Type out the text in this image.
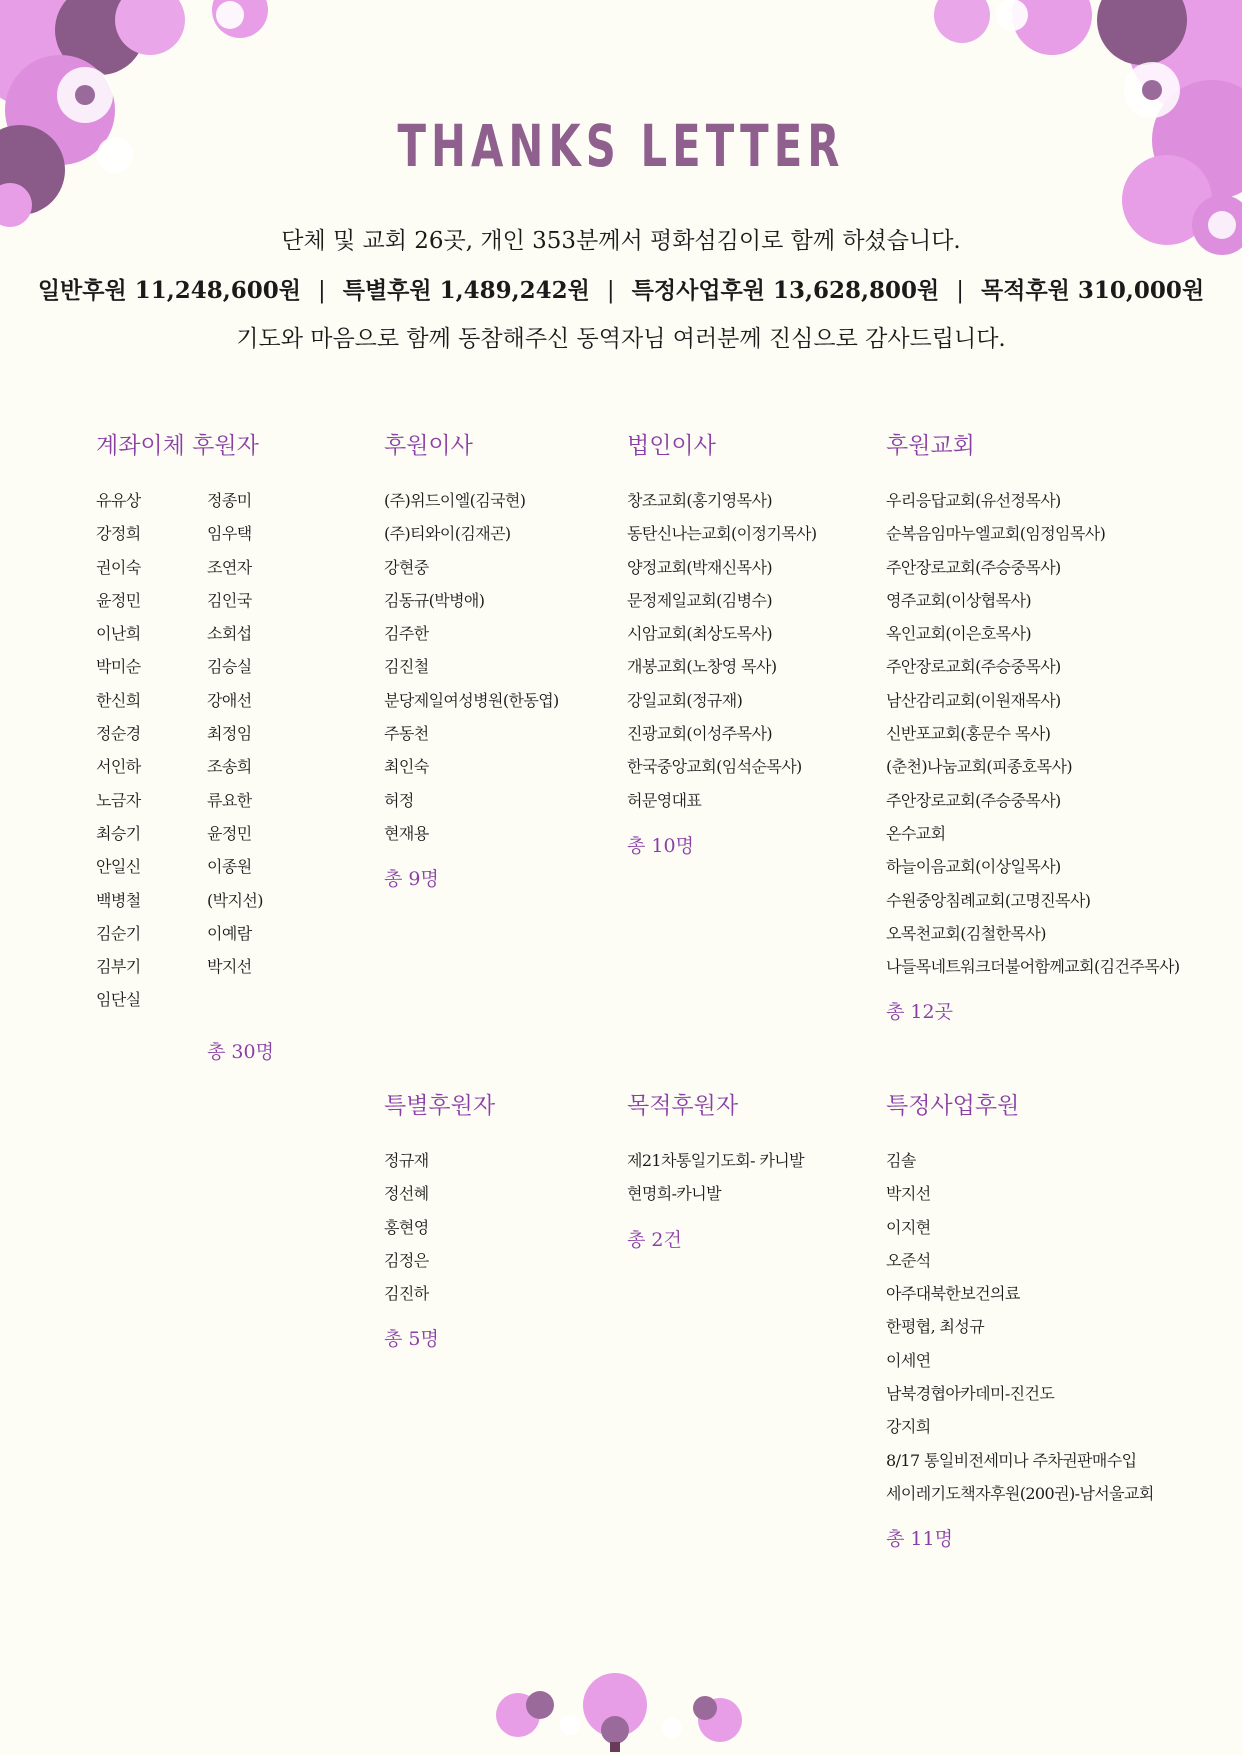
THANKS LETTER
단체 및 교회 26곳, 개인 353분께서 평화섬김이로 함께 하셨습니다.
일반후원 11,248,600원 | 특별후원 1,489,242원 | 특정사업후원 13,628,800원 | 목적후원 310,000원
기도와 마음으로 함께 동참해주신 동역자님 여러분께 진심으로 감사드립니다.
계좌이체 후원자
유유상
강정희
권이숙
윤정민
이난희
박미순
한신희
정순경
서인하
노금자
최승기
안일신
백병철
김순기
김부기
임단실
정종미
임우택
조연자
김인국
소회섭
김승실
강애선
최정임
조송희
류요한
윤정민
이종원
(박지선)
이예람
박지선
총 30명
후원이사
(주)위드이엘(김국현)
(주)티와이(김재곤)
강현중
김동규(박병애)
김주한
김진철
분당제일여성병원(한동엽)
주동천
최인숙
허정
현재용
총 9명
법인이사
창조교회(홍기영목사)
동탄신나는교회(이정기목사)
양정교회(박재신목사)
문정제일교회(김병수)
시암교회(최상도목사)
개봉교회(노창영 목사)
강일교회(정규재)
진광교회(이성주목사)
한국중앙교회(임석순목사)
허문영대표
총 10명
후원교회
우리응답교회(유선정목사)
순복음임마누엘교회(임정임목사)
주안장로교회(주승중목사)
영주교회(이상협목사)
옥인교회(이은호목사)
주안장로교회(주승중목사)
남산감리교회(이원재목사)
신반포교회(홍문수 목사)
(춘천)나눔교회(피종호목사)
주안장로교회(주승중목사)
온수교회
하늘이음교회(이상일목사)
수원중앙침례교회(고명진목사)
오목천교회(김철한목사)
나들목네트워크더불어함께교회(김건주목사)
총 12곳
특별후원자
정규재
정선혜
홍현영
김정은
김진하
총 5명
목적후원자
제21차통일기도회- 카니발
현명희-카니발
총 2건
특정사업후원
김솔
박지선
이지현
오준석
아주대북한보건의료
한평협, 최성규
이세연
남북경협아카데미-진건도
강지희
8/17 통일비전세미나 주차권판매수입
세이레기도책자후원(200권)-남서울교회
총 11명
